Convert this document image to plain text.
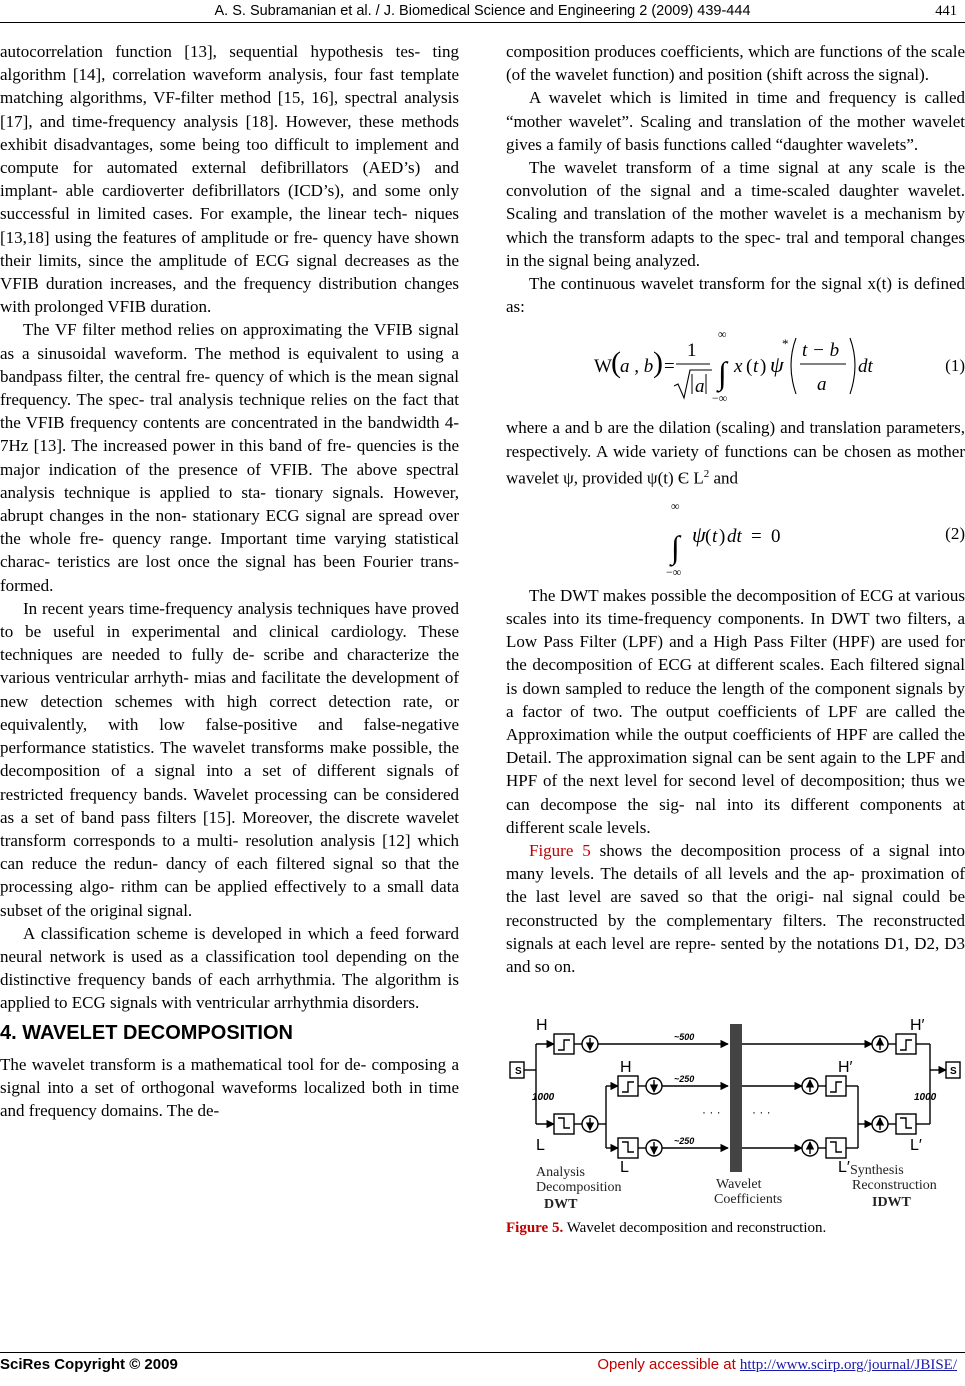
A. S. Subramanian et al. / J. Biomedical Science and Engineering 2 (2009) 439-444	441

autocorrelation function [13], sequential hypothesis tes- ting algorithm [14], correlation waveform analysis, four fast template matching algorithms, VF-filter method [15, 16], spectral analysis [17], and time-frequency analysis [18]. However, these methods exhibit disadvantages, some being too difficult to implement and compute for automated external defibrillators (AED’s) and implant- able cardioverter defibrillators (ICD’s), and some only successful in limited cases. For example, the linear tech- niques [13,18] using the features of amplitude or fre- quency have shown their limits, since the amplitude of ECG signal decreases as the VFIB duration increases, and the frequency distribution changes with prolonged VFIB duration.

The VF filter method relies on approximating the VFIB signal as a sinusoidal waveform. The method is equivalent to using a bandpass filter, the central fre- quency of which is the mean signal frequency. The spec- tral analysis technique relies on the fact that the VFIB frequency contents are concentrated in the bandwidth 4-7Hz [13]. The increased power in this band of fre- quencies is the major indication of the presence of VFIB. The above spectral analysis technique is applied to sta- tionary signals. However, abrupt changes in the non- stationary ECG signal are spread over the whole fre- quency range. Important time varying statistical charac- teristics are lost once the signal has been Fourier trans- formed.

In recent years time-frequency analysis techniques have proved to be useful in experimental and clinical cardiology. These techniques are needed to fully de- scribe and characterize the various ventricular arrhyth- mias and facilitate the development of new detection schemes with high correct detection rate, or equivalently, with low false-positive and false-negative performance statistics. The wavelet transforms make possible, the decomposition of a signal into a set of different signals of restricted frequency bands. Wavelet processing can be considered as a set of band pass filters [15]. Moreover, the discrete wavelet transform corresponds to a multi- resolution analysis [12] which can reduce the redun- dancy of each filtered signal so that the processing algo- rithm can be applied effectively to a small data subset of the original signal.

A classification scheme is developed in which a feed forward neural network is used as a classification tool depending on the distinctive frequency bands of each arrhythmia. The algorithm is applied to ECG signals with ventricular arrhythmia disorders.

4. WAVELET DECOMPOSITION

The wavelet transform is a mathematical tool for de- composing a signal into a set of orthogonal waveforms localized both in time and frequency domains. The de-

composition produces coefficients, which are functions of the scale (of the wavelet function) and position (shift across the signal).

A wavelet which is limited in time and frequency is called “mother wavelet”. Scaling and translation of the mother wavelet gives a family of basis functions called “daughter wavelets”.

The wavelet transform of a time signal at any scale is the convolution of the signal and a time-scaled daughter wavelet. Scaling and translation of the mother wavelet is a mechanism by which the transform adapts to the spec- tral and temporal changes in the signal being analyzed.

The continuous wavelet transform for the signal x(t) is defined as:

W ( a , b ) =
1
a
∞
∫
−∞
x ( t ) ψ
* t − b
a
dt	(1)

where a and b are the dilation (scaling) and translation parameters, respectively. A wide variety of functions can be chosen as mother wavelet ψ, provided ψ(t) Є $L^2$ and

∞
∫
−∞
ψ ( t ) dt = 0	(2)

The DWT makes possible the decomposition of ECG at various scales into its time-frequency components. In DWT two filters, a Low Pass Filter (LPF) and a High Pass Filter (HPF) are used for the decomposition of ECG at different scales. Each filtered signal is down sampled to reduce the length of the component signals by a factor of two. The output coefficients of LPF are called the Approximation while the output coefficients of HPF are called the Detail. The approximation signal can be sent again to the LPF and HPF of the next level for second level of decomposition; thus we can decompose the sig- nal into its different components at different scale levels.

Figure 5 shows the decomposition process of a signal into many levels. The details of all levels and the ap- proximation of the last level are saved so that the origi- nal signal could be reconstructed by the complementary filters. The reconstructed signals at each level are repre- sented by the notations D1, D2, D3 and so on.

S	S
H
L
H
L
H′
L′
H′
L′
1000	1000
~500
~250
~250
· · ·	· · ·
Analysis
Decomposition
DWT
Wavelet
Coefficients
Synthesis
Reconstruction
IDWT
Figure 5. Wavelet decomposition and reconstruction.
SciRes Copyright © 2009	Openly accessible at http://www.scirp.org/journal/JBISE/
